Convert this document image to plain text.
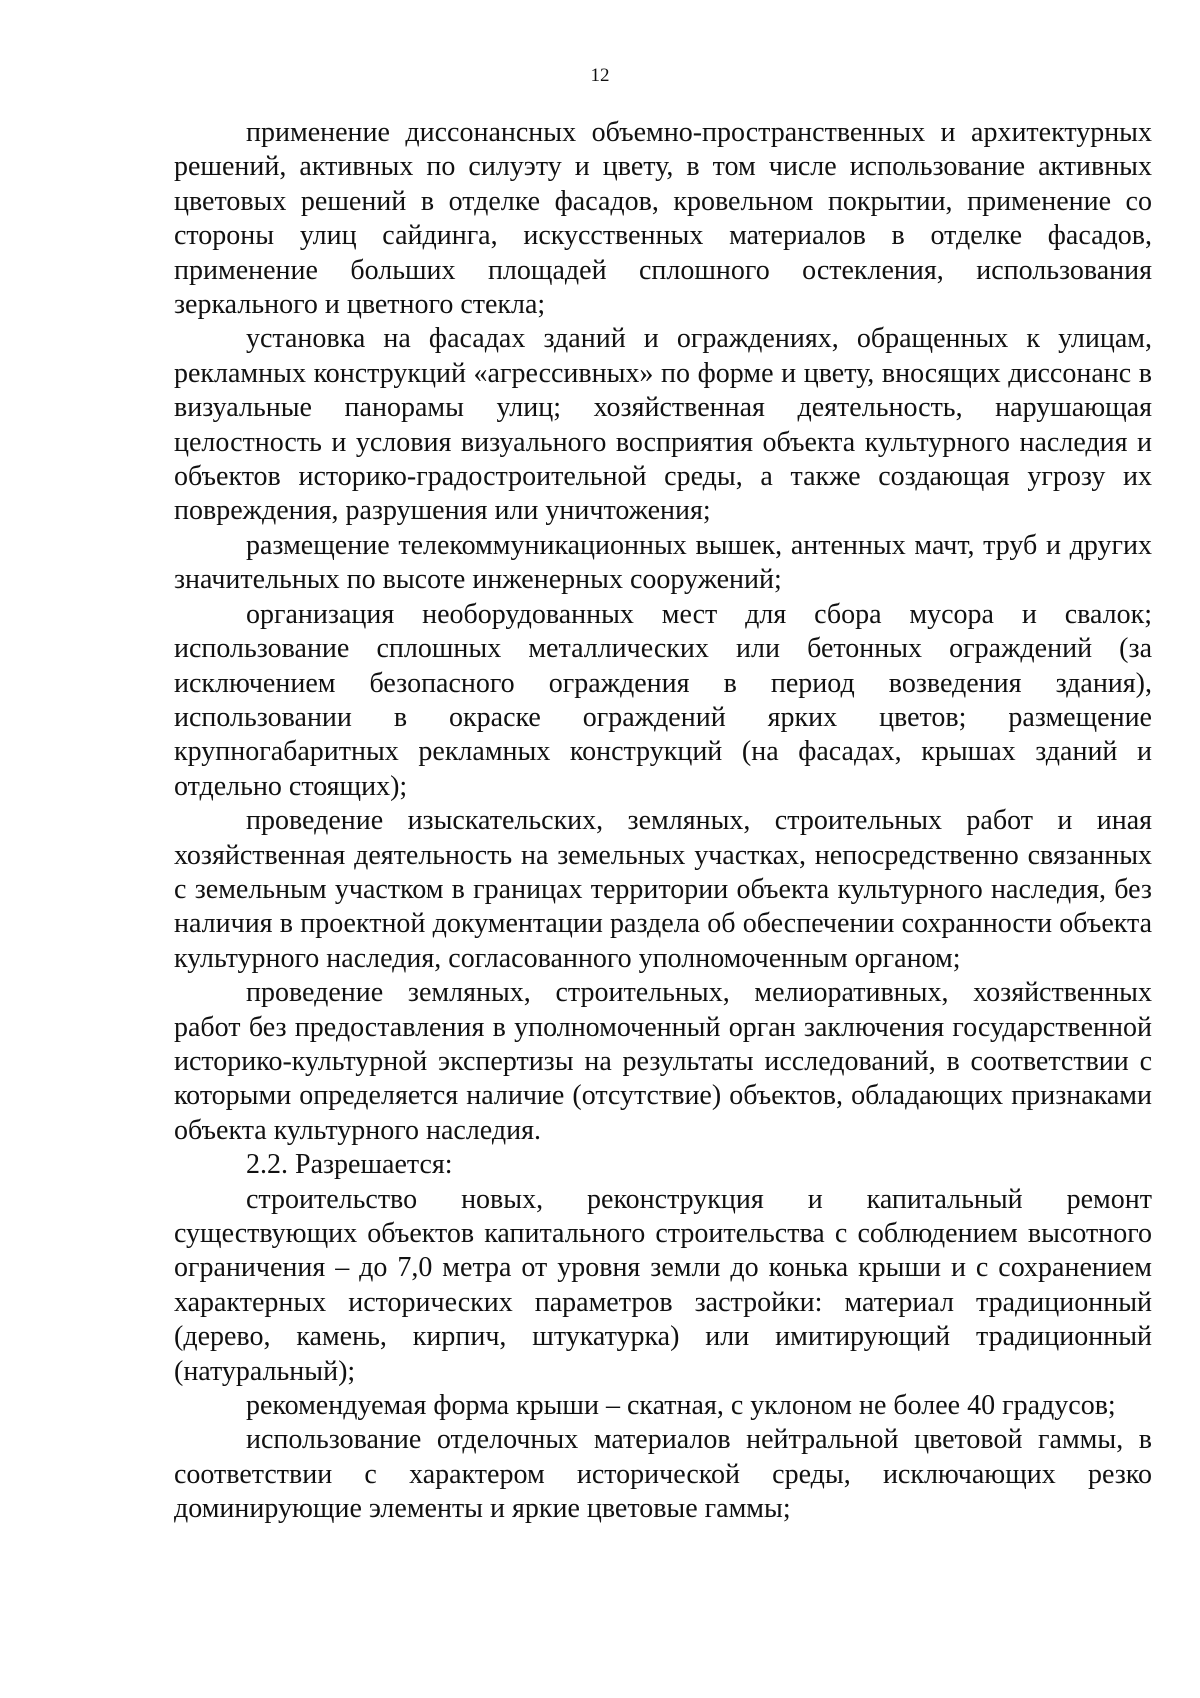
12

применение диссонансных объемно-пространственных и архитектурных решений, активных по силуэту и цвету, в том числе использование активных цветовых решений в отделке фасадов, кровельном покрытии, применение со стороны улиц сайдинга, искусственных материалов в отделке фасадов, применение больших площадей сплошного остекления, использования зеркального и цветного стекла;

установка на фасадах зданий и ограждениях, обращенных к улицам, рекламных конструкций «агрессивных» по форме и цвету, вносящих диссонанс в визуальные панорамы улиц; хозяйственная деятельность, нарушающая целостность и условия визуального восприятия объекта культурного наследия и объектов историко-градостроительной среды, а также создающая угрозу их повреждения, разрушения или уничтожения;

размещение телекоммуникационных вышек, антенных мачт, труб и других значительных по высоте инженерных сооружений;

организация необорудованных мест для сбора мусора и свалок; использование сплошных металлических или бетонных ограждений (за исключением безопасного ограждения в период возведения здания), использовании в окраске ограждений ярких цветов; размещение крупногабаритных рекламных конструкций (на фасадах, крышах зданий и отдельно стоящих);

проведение изыскательских, земляных, строительных работ и иная хозяйственная деятельность на земельных участках, непосредственно связанных с земельным участком в границах территории объекта культурного наследия, без наличия в проектной документации раздела об обеспечении сохранности объекта культурного наследия, согласованного уполномоченным органом;

проведение земляных, строительных, мелиоративных, хозяйственных работ без предоставления в уполномоченный орган заключения государственной историко-культурной экспертизы на результаты исследований, в соответствии с которыми определяется наличие (отсутствие) объектов, обладающих признаками объекта культурного наследия.

2.2. Разрешается:

строительство новых, реконструкция и капитальный ремонт существующих объектов капитального строительства с соблюдением высотного ограничения – до 7,0 метра от уровня земли до конька крыши и с сохранением характерных исторических параметров застройки: материал традиционный (дерево, камень, кирпич, штукатурка) или имитирующий традиционный (натуральный);

рекомендуемая форма крыши – скатная, с уклоном не более 40 градусов;

использование отделочных материалов нейтральной цветовой гаммы, в соответствии с характером исторической среды, исключающих резко доминирующие элементы и яркие цветовые гаммы;
